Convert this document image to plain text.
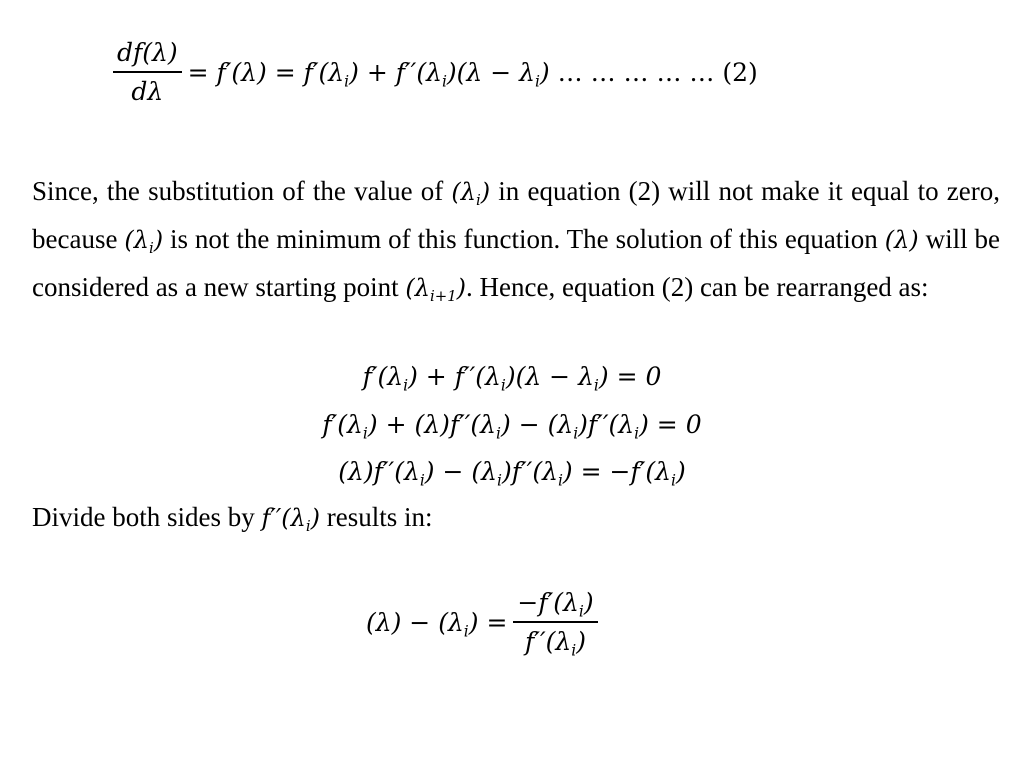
$\frac{df(\lambda)}{d\lambda} = f'(\lambda) = f'(\lambda_i) + f''(\lambda_i)(\lambda - \lambda_i)$ … … … … … (2)

Since, the substitution of the value of $(\lambda_i)$ in equation (2) will not make it equal to zero, because $(\lambda_i)$ is not the minimum of this function. The solution of this equation (λ) will be considered as a new starting point $(\lambda_{i+1})$. Hence, equation (2) can be rearranged as:

$f'(\lambda_i) + f''(\lambda_i)(\lambda - \lambda_i) = 0$
$f'(\lambda_i) + (\lambda)f''(\lambda_i) - (\lambda_i)f''(\lambda_i) = 0$
$(\lambda)f''(\lambda_i) - (\lambda_i)f''(\lambda_i) = -f'(\lambda_i)$
Divide both sides by $f''(\lambda_i)$ results in:
$(\lambda) - (\lambda_i) = \frac{-f'(\lambda_i)}{f''(\lambda_i)}$
